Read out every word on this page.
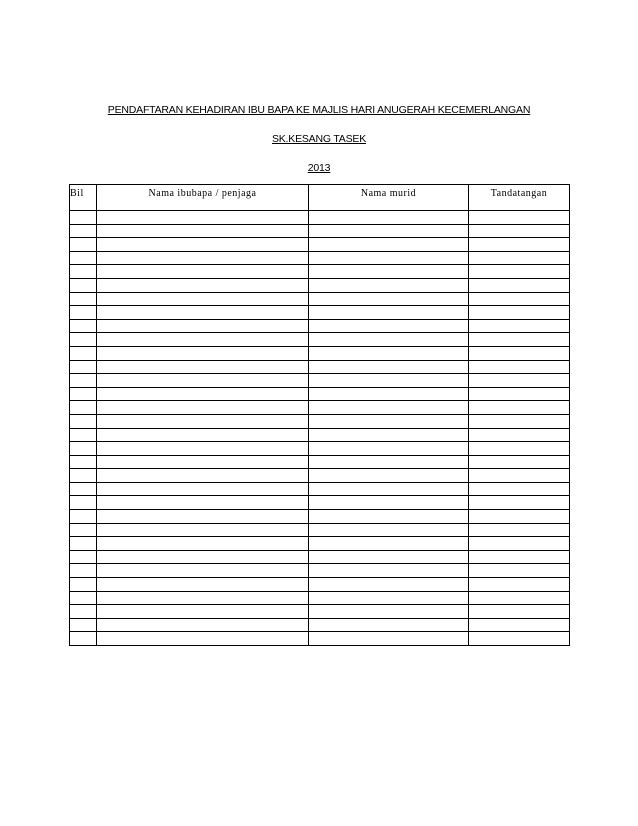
PENDAFTARAN KEHADIRAN IBU BAPA KE MAJLIS HARI ANUGERAH KECEMERLANGAN
SK.KESANG TASEK
2013
Bil	Nama ibubapa / penjaga	Nama murid	Tandatangan
